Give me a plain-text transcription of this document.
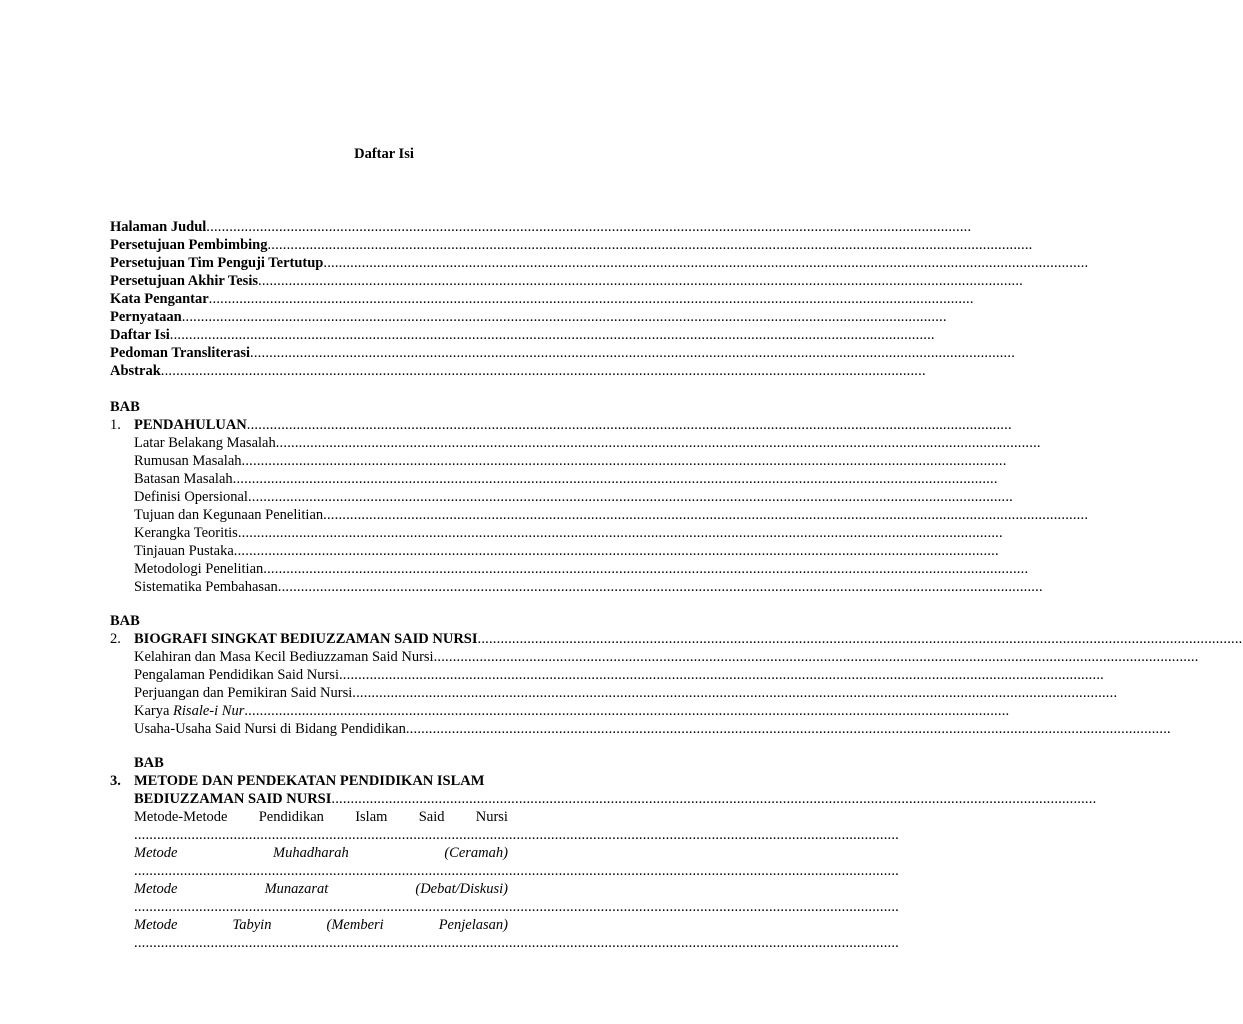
Daftar Isi
Halaman Judul ........................................................................................................................................................................................................
Persetujuan Pembimbing ........................................................................................................................................................................................................
Persetujuan Tim Penguji Tertutup ........................................................................................................................................................................................................
Persetujuan Akhir Tesis ........................................................................................................................................................................................................
Kata Pengantar ........................................................................................................................................................................................................
Pernyataan ........................................................................................................................................................................................................
Daftar Isi ........................................................................................................................................................................................................
Pedoman Transliterasi ........................................................................................................................................................................................................
Abstrak ........................................................................................................................................................................................................
BAB
1. PENDAHULUAN ........................................................................................................................................................................................................
Latar Belakang Masalah ........................................................................................................................................................................................................
Rumusan Masalah ........................................................................................................................................................................................................
Batasan Masalah ........................................................................................................................................................................................................
Definisi Opersional ........................................................................................................................................................................................................
Tujuan dan Kegunaan Penelitian ........................................................................................................................................................................................................
Kerangka Teoritis ........................................................................................................................................................................................................
Tinjauan Pustaka ........................................................................................................................................................................................................
Metodologi Penelitian ........................................................................................................................................................................................................
Sistematika Pembahasan ........................................................................................................................................................................................................
BAB
2. BIOGRAFI SINGKAT BEDIUZZAMAN SAID NURSI ........................................................................................................................................................................................................
Kelahiran dan Masa Kecil Bediuzzaman Said Nursi ........................................................................................................................................................................................................
Pengalaman Pendidikan Said Nursi ........................................................................................................................................................................................................
Perjuangan dan Pemikiran Said Nursi ........................................................................................................................................................................................................
Karya Risale-i Nur ........................................................................................................................................................................................................
Usaha-Usaha Said Nursi di Bidang Pendidikan ........................................................................................................................................................................................................
BAB
3. METODE DAN PENDEKATAN PENDIDIKAN ISLAM
BEDIUZZAMAN SAID NURSI ........................................................................................................................................................................................................
Metode-Metode Pendidikan Islam Said Nursi
........................................................................................................................................................................................................
Metode	Muhadharah	(Ceramah)
........................................................................................................................................................................................................
Metode	Munazarat	(Debat/Diskusi)
........................................................................................................................................................................................................
Metode	Tabyin	(Memberi	Penjelasan)
........................................................................................................................................................................................................
